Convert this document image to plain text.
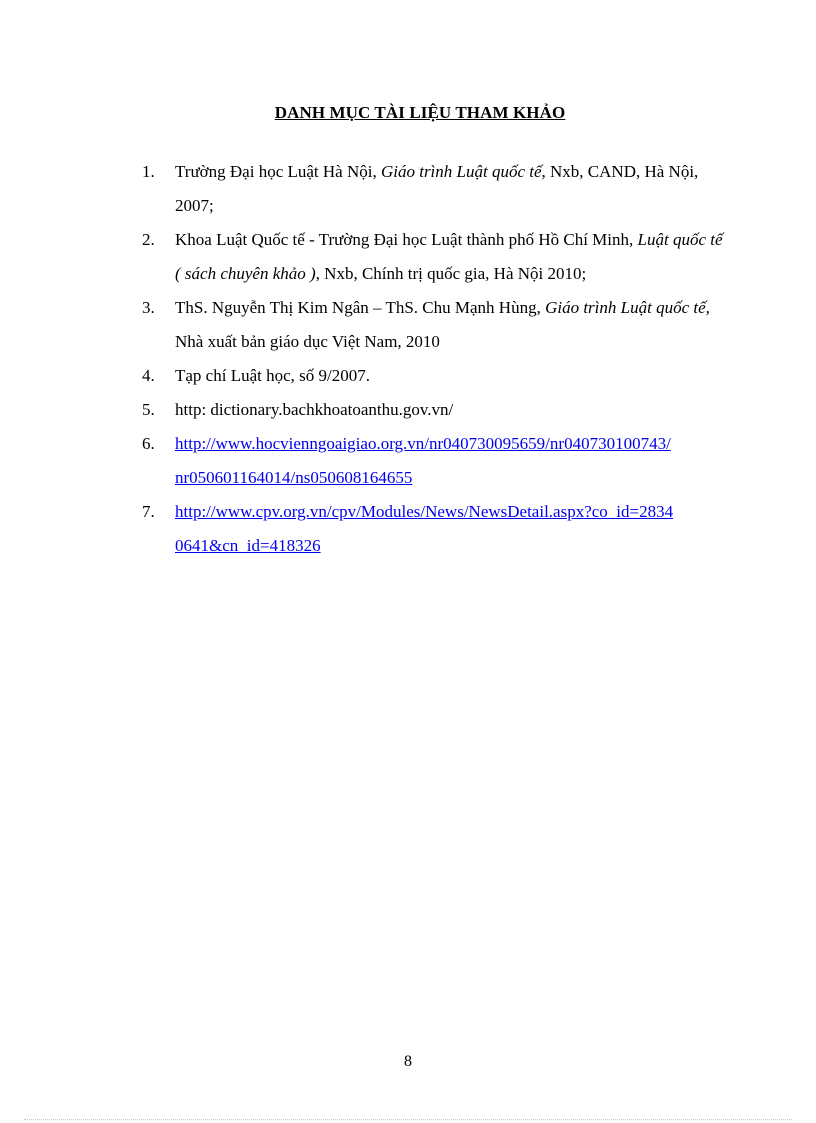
DANH MỤC TÀI LIỆU THAM KHẢO
1. Trường Đại học Luật Hà Nội, Giáo trình Luật quốc tế, Nxb, CAND, Hà Nội, 2007;
2. Khoa Luật Quốc tế - Trường Đại học Luật thành phố Hồ Chí Minh, Luật quốc tế ( sách chuyên khảo ), Nxb, Chính trị quốc gia, Hà Nội 2010;
3. ThS. Nguyễn Thị Kim Ngân – ThS. Chu Mạnh Hùng, Giáo trình Luật quốc tế, Nhà xuất bản giáo dục Việt Nam, 2010
4. Tạp chí Luật học, số 9/2007.
5. http: dictionary.bachkhoatoanthu.gov.vn/
6. http://www.hocvienngoaigiao.org.vn/nr040730095659/nr040730100743/
nr050601164014/ns050608164655
7. http://www.cpv.org.vn/cpv/Modules/News/NewsDetail.aspx?co_id=2834
0641&cn_id=418326
8
